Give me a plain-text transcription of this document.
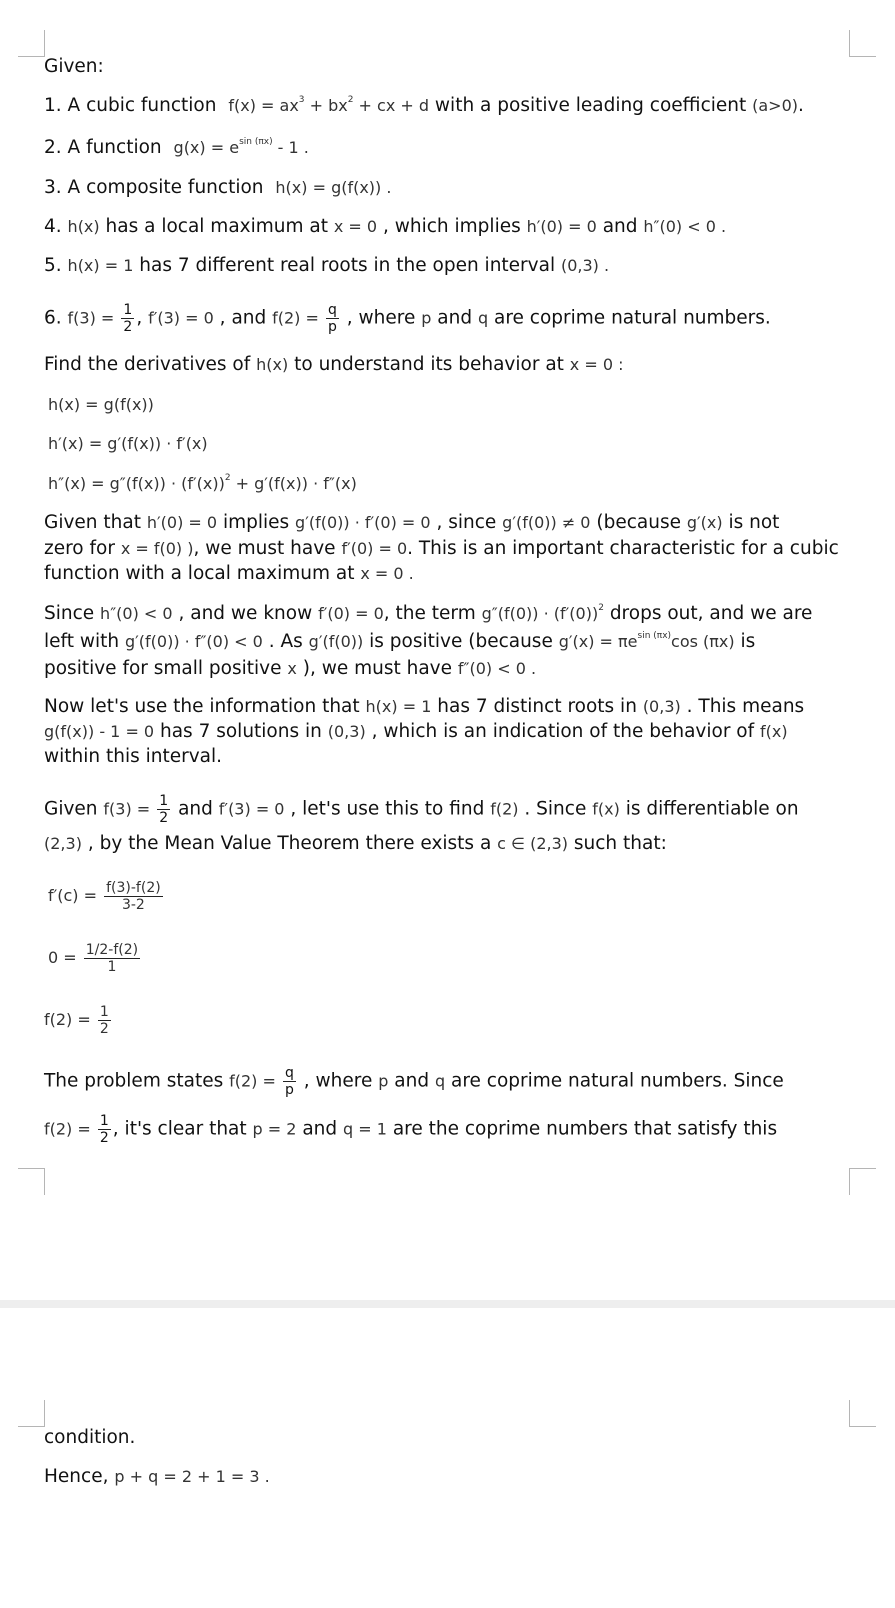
Given:
1. A cubic function $f(x) = ax^3 + bx^2$ + cx + d with a positive leading coefficient (a>0).
2. A function $g(x) = e^{sin (\pi x)} - 1$ .
3. A composite function h(x) = g(f(x)) .
4. h(x) has a local maximum at x = 0 , which implies h′(0) = 0 and h″(0) < 0 .
5. h(x) = 1 has 7 different real roots in the open interval (0,3) .
6. $f(3) = \frac{1}{2}$ , f′(3) = 0 , and $f(2) = \frac{q}{p}$ , where p and q are coprime natural numbers.
Find the derivatives of h(x) to understand its behavior at x = 0 :
h(x) = g(f(x))
h′(x) = g′(f(x)) · f′(x)
$h''(x) = g''(f(x)) \cdot (f'(x))^2 + g'(f(x)) \cdot f''(x)$
Given that h′(0) = 0 implies g′(f(0)) · f′(0) = 0 , since g′(f(0)) ≠ 0 (because g′(x) is not
zero for x = f(0) ), we must have f′(0) = 0. This is an important characteristic for a cubic
function with a local maximum at x = 0 .
Since h″(0) < 0 , and we know f′(0) = 0, the term $g''(f(0)) \cdot (f'(0))^2$ drops out, and we are
left with g′(f(0)) · f″(0) < 0 . As g′(f(0)) is positive (because $g'(x) = \pi e^{sin (\pi x)}\cos$ (πx) is
positive for small positive x ), we must have f″(0) < 0 .
Now let's use the information that h(x) = 1 has 7 distinct roots in (0,3) . This means
g(f(x)) - 1 = 0 has 7 solutions in (0,3) , which is an indication of the behavior of f(x)
within this interval.
Given $f(3) = \frac{1}{2}$ and f′(3) = 0 , let's use this to find f(2) . Since f(x) is differentiable on
(2,3) , by the Mean Value Theorem there exists a c ∈ (2,3) such that:
$f'(c) = \frac{f(3)-f(2)}{3-2}$
$0 = \frac{1/2-f(2)}{1}$
$f(2) = \frac{1}{2}$
The problem states $f(2) = \frac{q}{p}$ , where p and q are coprime natural numbers. Since
$f(2) = \frac{1}{2}$ , it's clear that p = 2 and q = 1 are the coprime numbers that satisfy this
condition.
Hence, p + q = 2 + 1 = 3 .
